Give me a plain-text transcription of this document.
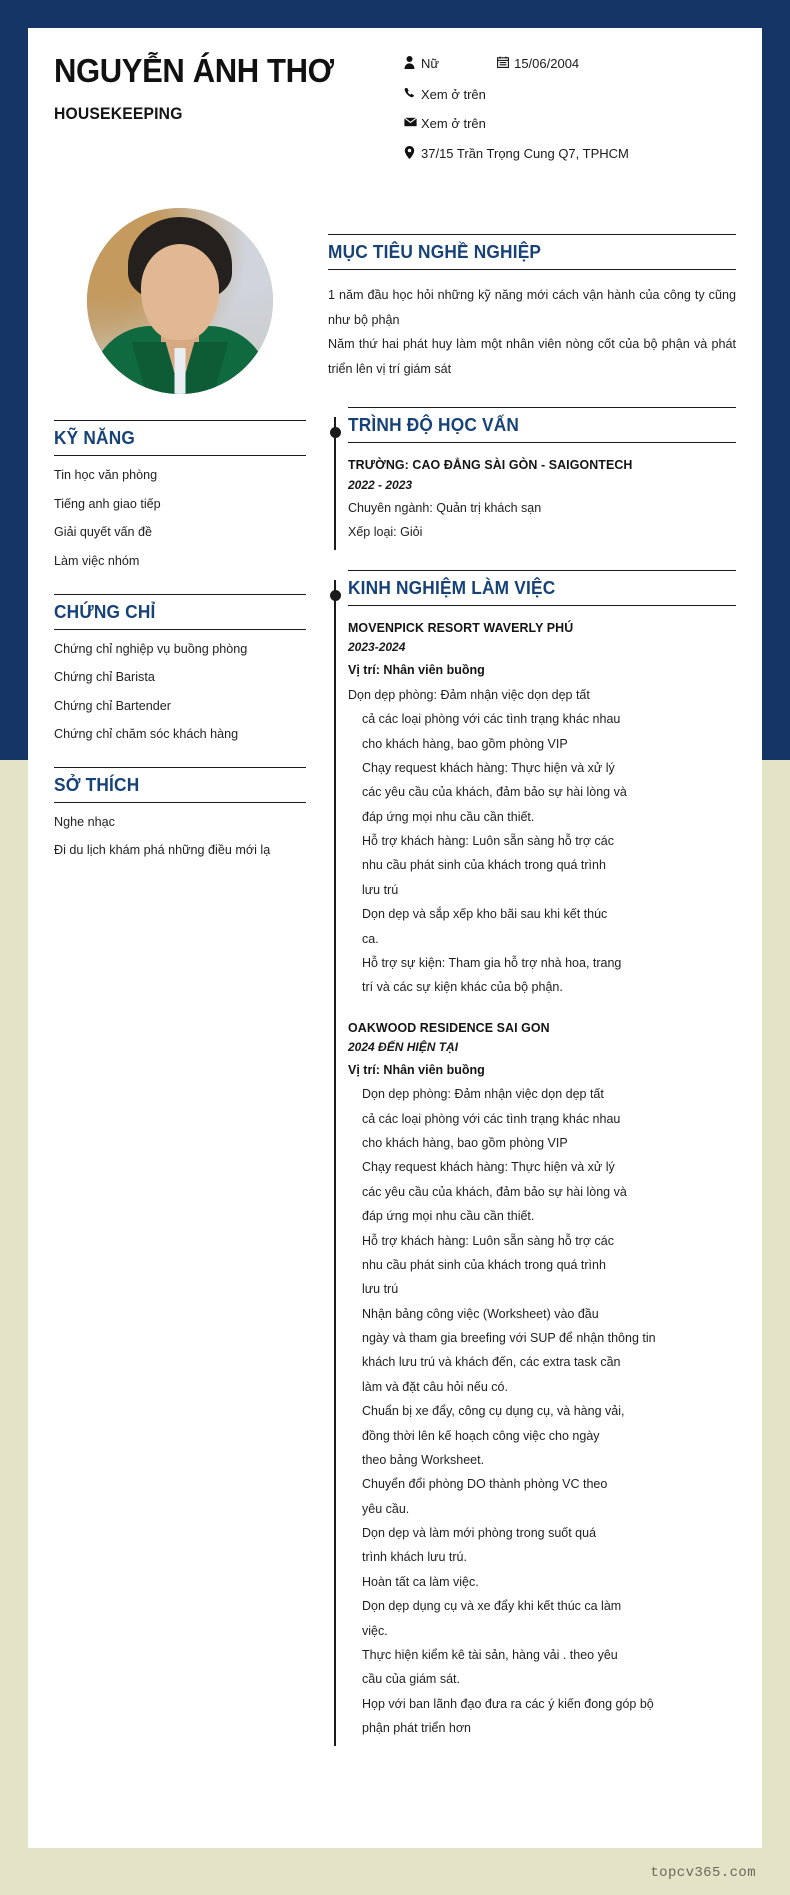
NGUYỄN ÁNH THƠ
HOUSEKEEPING
Nữ	15/06/2004
Xem ở trên
Xem ở trên
37/15 Trần Trọng Cung Q7, TPHCM
KỸ NĂNG
Tin học văn phòng
Tiếng anh giao tiếp
Giải quyết vấn đề
Làm việc nhóm
CHỨNG CHỈ
Chứng chỉ nghiệp vụ buồng phòng
Chứng chỉ Barista
Chứng chỉ Bartender
Chứng chỉ chăm sóc khách hàng
SỞ THÍCH
Nghe nhạc
Đi du lịch khám phá những điều mới lạ
MỤC TIÊU NGHỀ NGHIỆP

1 năm đầu học hỏi những kỹ năng mới cách vận hành của công ty cũng như bộ phận

Năm thứ hai phát huy làm một nhân viên nòng cốt của bộ phận và phát triển lên vị trí giám sát

TRÌNH ĐỘ HỌC VẤN
TRƯỜNG: CAO ĐẲNG SÀI GÒN - SAIGONTECH
2022 - 2023
Chuyên ngành: Quản trị khách sạn
Xếp loại: Giỏi
KINH NGHIỆM LÀM VIỆC
MOVENPICK RESORT WAVERLY PHÚ
2023-2024
Vị trí: Nhân viên buồng
Dọn dẹp phòng: Đảm nhận việc dọn dẹp tất
cả các loại phòng với các tình trạng khác nhau
cho khách hàng, bao gồm phòng VIP
Chạy request khách hàng: Thực hiện và xử lý
các yêu cầu của khách, đảm bảo sự hài lòng và
đáp ứng mọi nhu cầu cần thiết.
Hỗ trợ khách hàng: Luôn sẵn sàng hỗ trợ các
nhu cầu phát sinh của khách trong quá trình
lưu trú
Dọn dẹp và sắp xếp kho bãi sau khi kết thúc
ca.
Hỗ trợ sự kiện: Tham gia hỗ trợ nhà hoa, trang
trí và các sự kiện khác của bộ phận.
OAKWOOD RESIDENCE SAI GON
2024 ĐẾN HIỆN TẠI
Vị trí: Nhân viên buồng
Dọn dẹp phòng: Đảm nhận việc dọn dẹp tất
cả các loại phòng với các tình trạng khác nhau
cho khách hàng, bao gồm phòng VIP
Chạy request khách hàng: Thực hiện và xử lý
các yêu cầu của khách, đảm bảo sự hài lòng và
đáp ứng mọi nhu cầu cần thiết.
Hỗ trợ khách hàng: Luôn sẵn sàng hỗ trợ các
nhu cầu phát sinh của khách trong quá trình
lưu trú
Nhận bảng công việc (Worksheet) vào đầu
ngày và tham gia breefing với SUP để nhận thông tin
khách lưu trú và khách đến, các extra task cần
làm và đặt câu hỏi nếu có.
Chuẩn bị xe đẩy, công cụ dụng cụ, và hàng vải,
đồng thời lên kế hoạch công việc cho ngày
theo bảng Worksheet.
Chuyển đổi phòng DO thành phòng VC theo
yêu cầu.
Dọn dẹp và làm mới phòng trong suốt quá
trình khách lưu trú.
Hoàn tất ca làm việc.
Dọn dẹp dụng cụ và xe đẩy khi kết thúc ca làm
việc.
Thực hiện kiểm kê tài sản, hàng vải . theo yêu
cầu của giám sát.
Họp với ban lãnh đạo đưa ra các ý kiến đong góp bộ
phận phát triển hơn
topcv365.com
